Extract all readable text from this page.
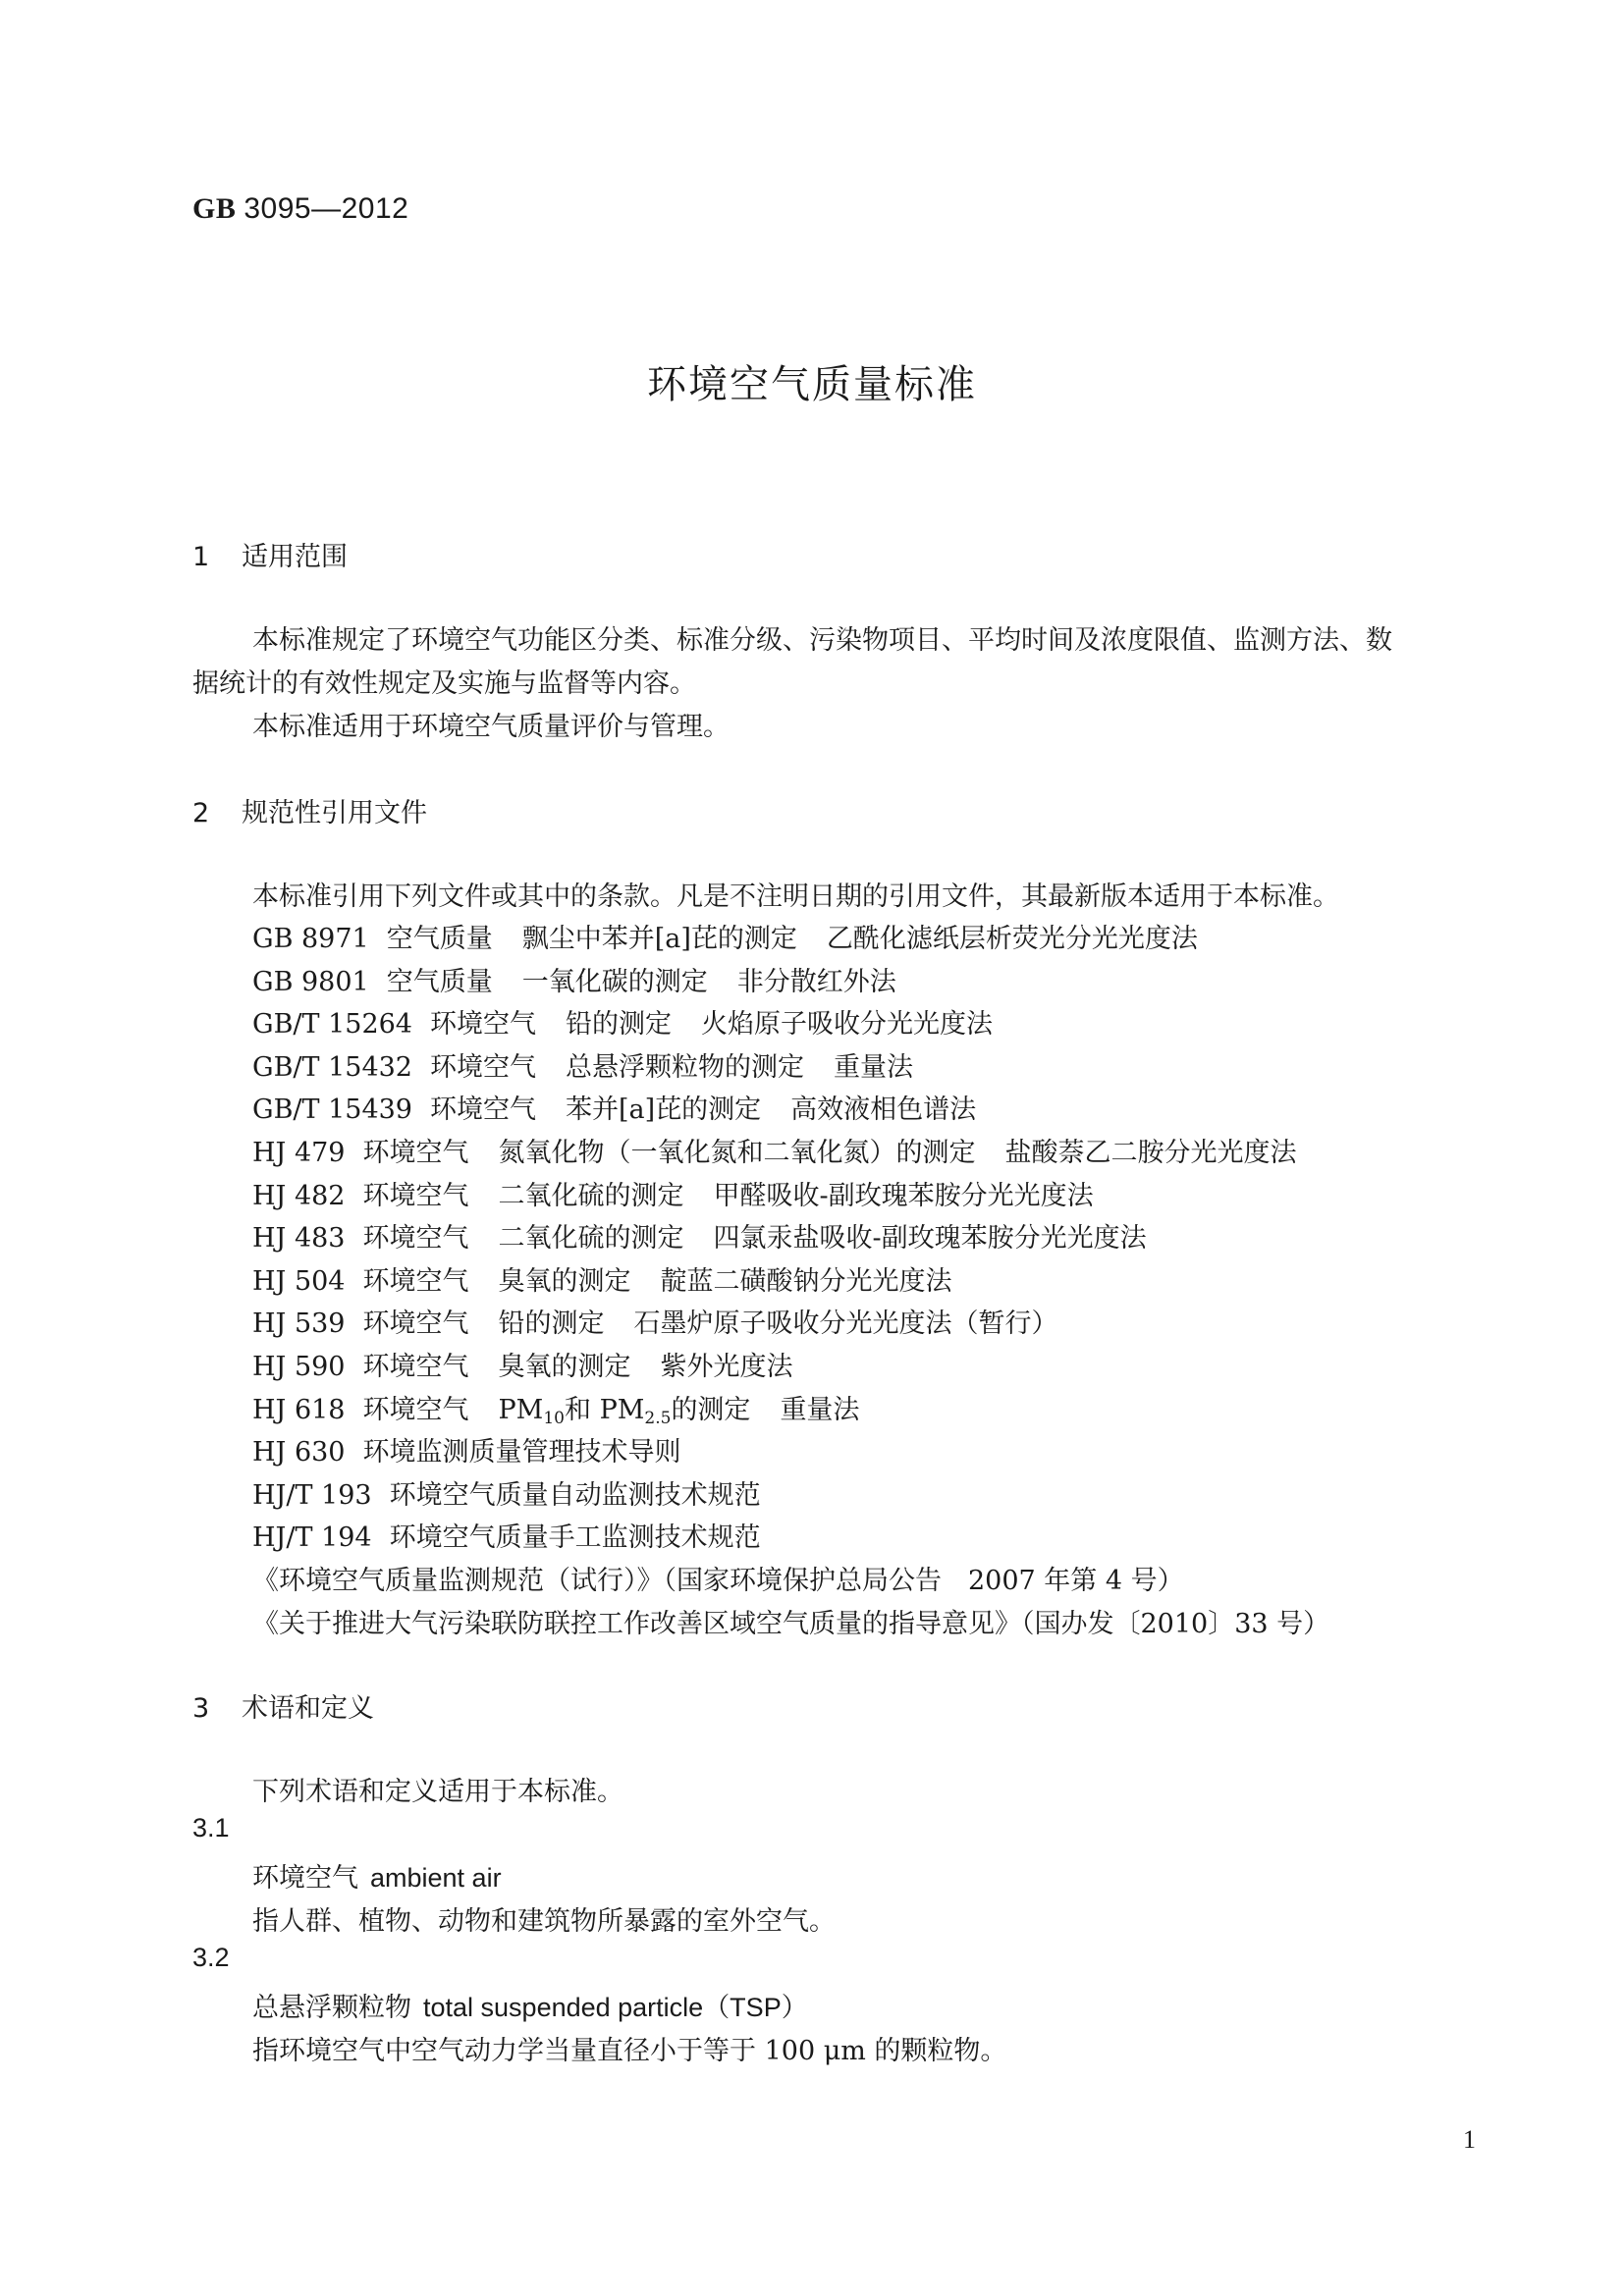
GB 3095—2012
环境空气质量标准
1 适用范围
本标准规定了环境空气功能区分类、标准分级、污染物项目、平均时间及浓度限值、监测方法、数
据统计的有效性规定及实施与监督等内容。
本标准适用于环境空气质量评价与管理。
2 规范性引用文件
本标准引用下列文件或其中的条款。凡是不注明日期的引用文件，其最新版本适用于本标准。
GB 8971 空气质量 飘尘中苯并[a]芘的测定 乙酰化滤纸层析荧光分光光度法
GB 9801 空气质量 一氧化碳的测定 非分散红外法
GB/T 15264 环境空气 铅的测定 火焰原子吸收分光光度法
GB/T 15432 环境空气 总悬浮颗粒物的测定 重量法
GB/T 15439 环境空气 苯并[a]芘的测定 高效液相色谱法
HJ 479 环境空气 氮氧化物（一氧化氮和二氧化氮）的测定 盐酸萘乙二胺分光光度法
HJ 482 环境空气 二氧化硫的测定 甲醛吸收-副玫瑰苯胺分光光度法
HJ 483 环境空气 二氧化硫的测定 四氯汞盐吸收-副玫瑰苯胺分光光度法
HJ 504 环境空气 臭氧的测定 靛蓝二磺酸钠分光光度法
HJ 539 环境空气 铅的测定 石墨炉原子吸收分光光度法（暂行）
HJ 590 环境空气 臭氧的测定 紫外光度法
HJ 618 环境空气 $PM_{10}$和 $PM_{2.5}$的测定 重量法
HJ 630 环境监测质量管理技术导则
HJ/T 193 环境空气质量自动监测技术规范
HJ/T 194 环境空气质量手工监测技术规范
《环境空气质量监测规范（试行）》（国家环境保护总局公告　2007 年第 4 号）
《关于推进大气污染联防联控工作改善区域空气质量的指导意见》（国办发〔2010〕33 号）
3 术语和定义
下列术语和定义适用于本标准。
3.1
环境空气 ambient air
指人群、植物、动物和建筑物所暴露的室外空气。
3.2
总悬浮颗粒物 total suspended particle（TSP）
指环境空气中空气动力学当量直径小于等于 100 μm 的颗粒物。
1
